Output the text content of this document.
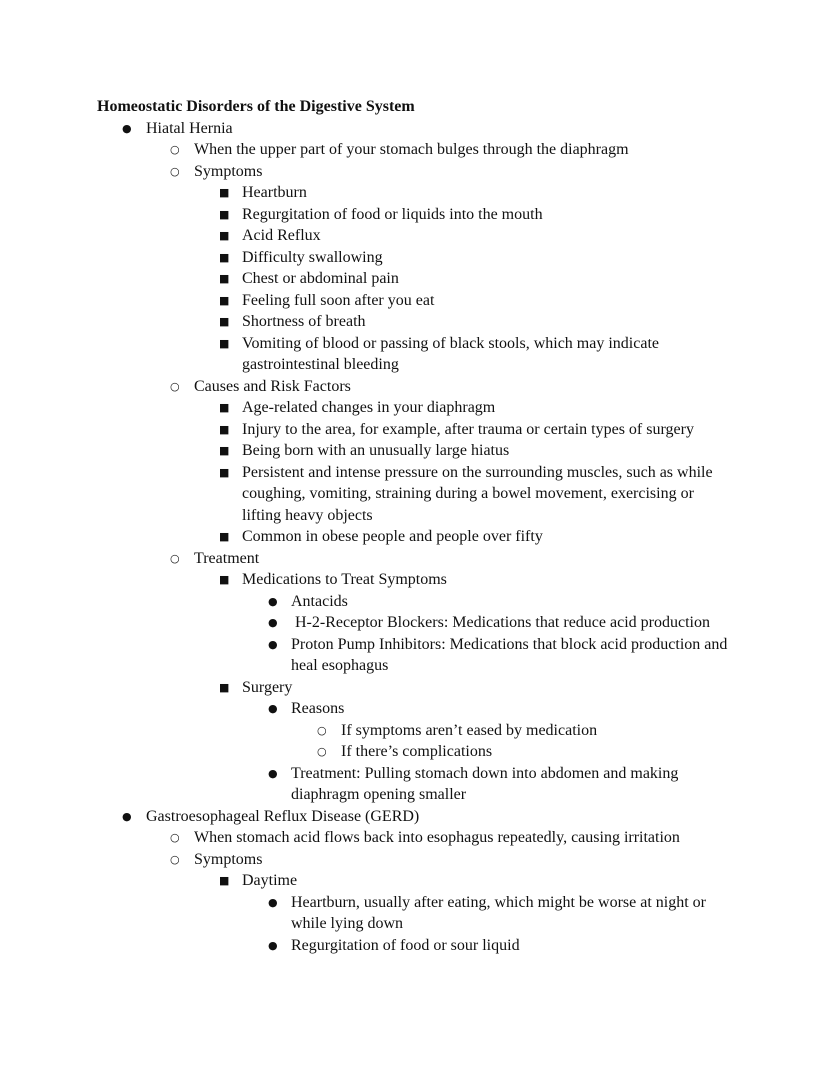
Homeostatic Disorders of the Digestive System
● Hiatal Hernia
○ When the upper part of your stomach bulges through the diaphragm
○ Symptoms
■ Heartburn
■ Regurgitation of food or liquids into the mouth
■ Acid Reflux
■ Difficulty swallowing
■ Chest or abdominal pain
■ Feeling full soon after you eat
■ Shortness of breath
■ Vomiting of blood or passing of black stools, which may indicate gastrointestinal bleeding
○ Causes and Risk Factors
■ Age-related changes in your diaphragm
■ Injury to the area, for example, after trauma or certain types of surgery
■ Being born with an unusually large hiatus
■ Persistent and intense pressure on the surrounding muscles, such as while coughing, vomiting, straining during a bowel movement, exercising or lifting heavy objects
■ Common in obese people and people over fifty
○ Treatment
■ Medications to Treat Symptoms
● Antacids
● H-2-Receptor Blockers: Medications that reduce acid production
● Proton Pump Inhibitors: Medications that block acid production and heal esophagus
■ Surgery
● Reasons
○ If symptoms aren’t eased by medication
○ If there’s complications
● Treatment: Pulling stomach down into abdomen and making diaphragm opening smaller
● Gastroesophageal Reflux Disease (GERD)
○ When stomach acid flows back into esophagus repeatedly, causing irritation
○ Symptoms
■ Daytime
● Heartburn, usually after eating, which might be worse at night or while lying down
● Regurgitation of food or sour liquid
